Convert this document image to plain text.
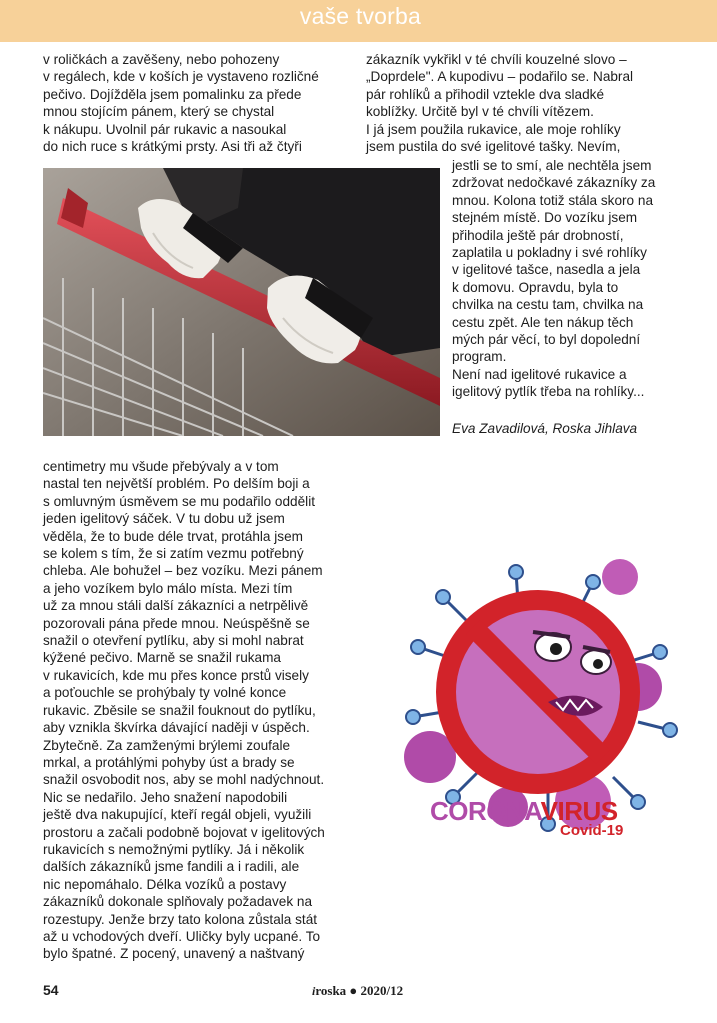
vaše tvorba
v roličkách a zavěšeny, nebo pohozeny
v regálech, kde v koších je vystaveno rozličné
pečivo. Dojížděla jsem pomalinku za přede
mnou stojícím pánem, který se chystal
k nákupu. Uvolnil pár rukavic a nasoukal
do nich ruce s krátkými prsty. Asi tři až čtyři
zákazník vykřikl v té chvíli kouzelné slovo –
„Doprdele". A kupodivu – podařilo se. Nabral
pár rohlíků a přihodil vztekle dva sladké
koblížky. Určitě byl v té chvíli vítězem.
I já jsem použila rukavice, ale moje rohlíky
jsem pustila do své igelitové tašky. Nevím,
jestli se to smí, ale nechtěla jsem
zdržovat nedočkavé zákazníky za
mnou. Kolona totiž stála skoro na
stejném místě. Do vozíku jsem
přihodila ještě pár drobností,
zaplatila u pokladny i své rohlíky
v igelitové tašce, nasedla a jela
k domovu. Opravdu, byla to
chvilka na cestu tam, chvilka na
cestu zpět. Ale ten nákup těch
mých pár věcí, to byl dopolední
program.
Není nad igelitové rukavice a
igelitový pytlík třeba na rohlíky...
Eva Zavadilová, Roska Jihlava
centimetry mu všude přebývaly a v tom
nastal ten největší problém. Po delším boji a
s omluvným úsměvem se mu podařilo oddělit
jeden igelitový sáček. V tu dobu už jsem
věděla, že to bude déle trvat, protáhla jsem
se kolem s tím, že si zatím vezmu potřebný
chleba. Ale bohužel – bez vozíku. Mezi pánem
a jeho vozíkem bylo málo místa. Mezi tím
už za mnou stáli další zákazníci a netrpělivě
pozorovali pána přede mnou. Neúspěšně se
snažil o otevření pytlíku, aby si mohl nabrat
kýžené pečivo. Marně se snažil rukama
v rukavicích, kde mu přes konce prstů visely
a poťouchle se prohýbaly ty volné konce
rukavic. Zběsile se snažil fouknout do pytlíku,
aby vznikla škvírka dávající naději v úspěch.
Zbytečně. Za zamženými brýlemi zoufale
mrkal, a protáhlými pohyby úst a brady se
snažil osvobodit nos, aby se mohl nadýchnout.
Nic se nedařilo. Jeho snažení napodobili
ještě dva nakupující, kteří regál objeli, využili
prostoru a začali podobně bojovat v igelitových
rukavicích s nemožnými pytlíky. Já i několik
dalších zákazníků jsme fandili a i radili, ale
nic nepomáhalo. Délka vozíků a postavy
zákazníků dokonale splňovaly požadavek na
rozestupy. Jenže brzy tato kolona zůstala stát
až u vchodových dveří. Uličky byly ucpané. To
bylo špatné. Z pocený, unavený a naštvaný
CORONAVIRUS
Covid-19
54	iroska ● 2020/12
